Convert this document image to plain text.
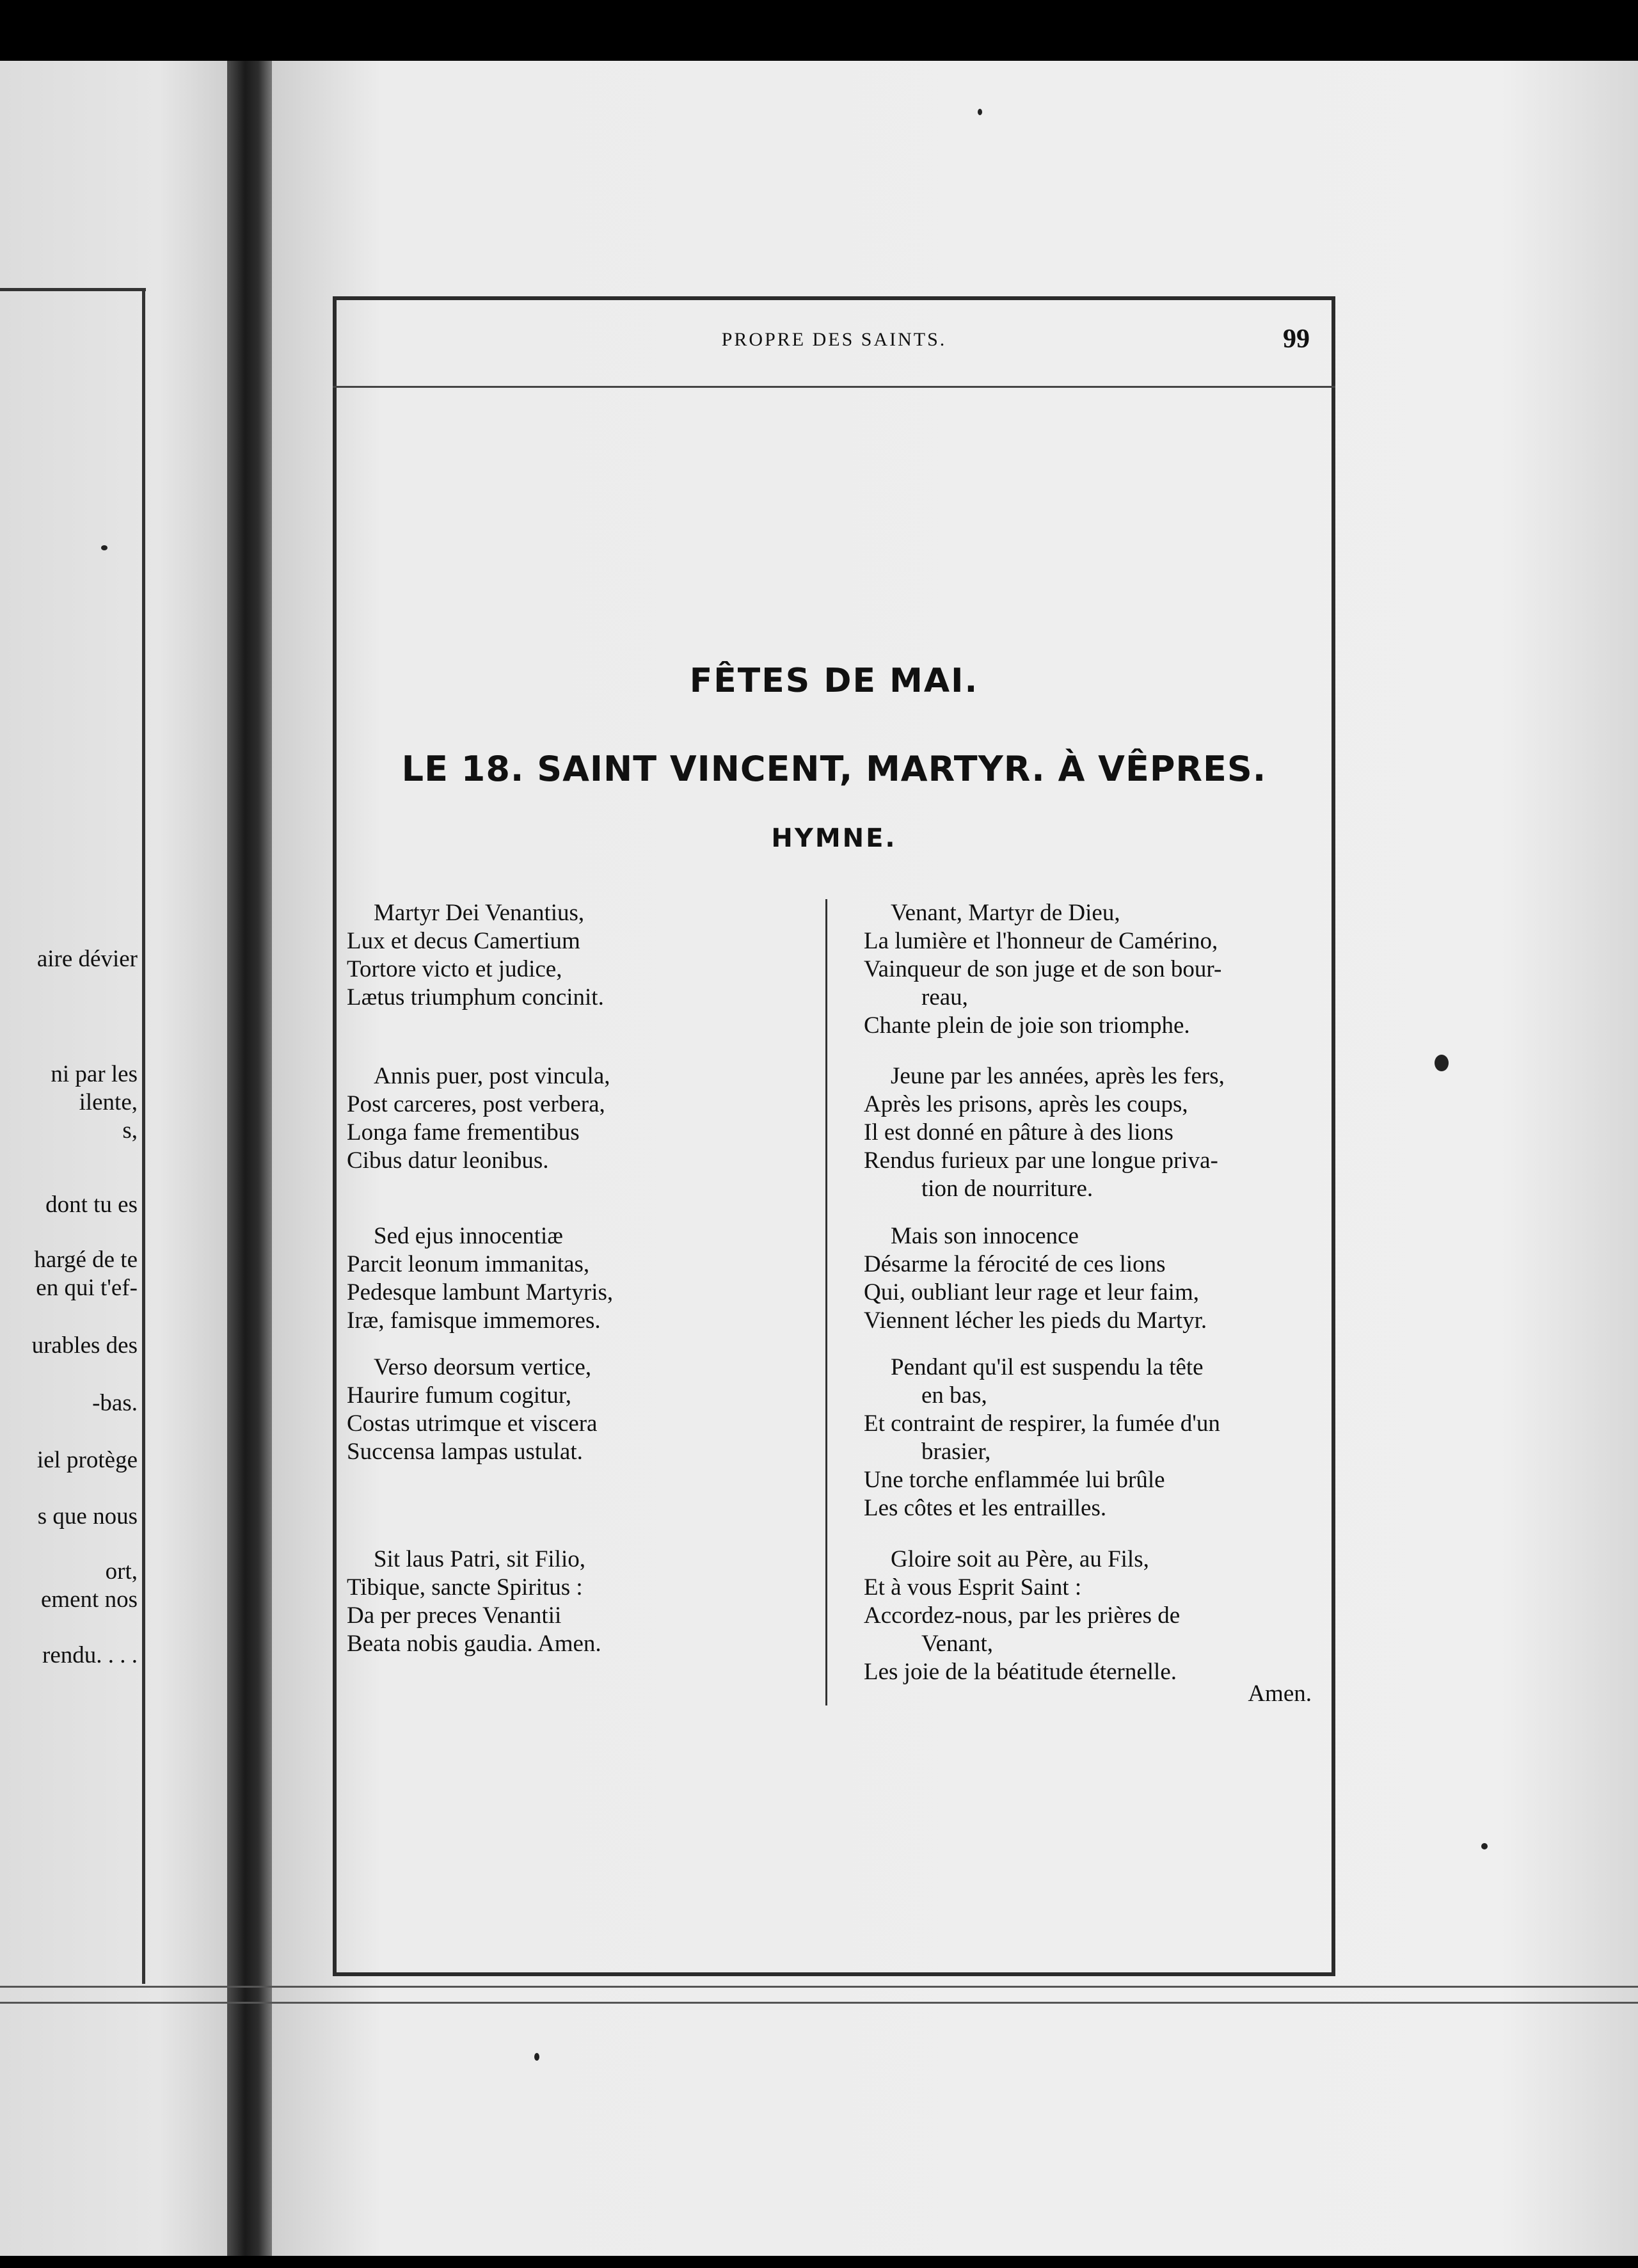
aire dévier
ni par les
ilente,
s,
dont tu es
hargé de te
en qui t'ef-
urables des
-bas.
iel protège
s que nous
ort,
ement nos
rendu. . . .
PROPRE DES SAINTS.	99
FÊTES DE MAI.
LE 18. SAINT VINCENT, MARTYR. À VÊPRES.
HYMNE.
Martyr Dei Venantius,
Lux et decus Camertium
Tortore victo et judice,
Lætus triumphum concinit.
Annis puer, post vincula,
Post carceres, post verbera,
Longa fame frementibus
Cibus datur leonibus.
Sed ejus innocentiæ
Parcit leonum immanitas,
Pedesque lambunt Martyris,
Iræ, famisque immemores.
Verso deorsum vertice,
Haurire fumum cogitur,
Costas utrimque et viscera
Succensa lampas ustulat.
Sit laus Patri, sit Filio,
Tibique, sancte Spiritus :
Da per preces Venantii
Beata nobis gaudia. Amen.
Venant, Martyr de Dieu,
La lumière et l'honneur de Camérino,
Vainqueur de son juge et de son bour-
reau,
Chante plein de joie son triomphe.
Jeune par les années, après les fers,
Après les prisons, après les coups,
Il est donné en pâture à des lions
Rendus furieux par une longue priva-
tion de nourriture.
Mais son innocence
Désarme la férocité de ces lions
Qui, oubliant leur rage et leur faim,
Viennent lécher les pieds du Martyr.
Pendant qu'il est suspendu la tête
en bas,
Et contraint de respirer, la fumée d'un
brasier,
Une torche enflammée lui brûle
Les côtes et les entrailles.
Gloire soit au Père, au Fils,
Et à vous Esprit Saint :
Accordez-nous, par les prières de
Venant,
Les joie de la béatitude éternelle.
Amen.
